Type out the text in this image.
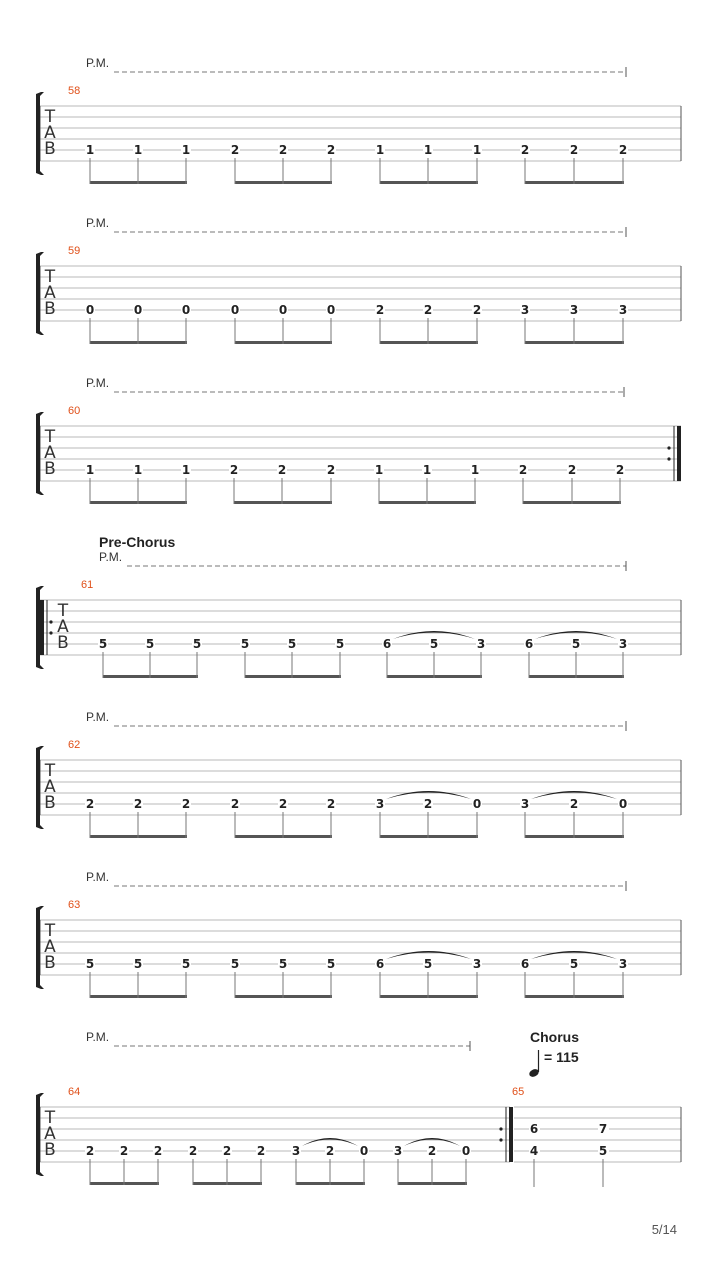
T
A
B
58
P.M.
1	1	1	2	2	2	1	1	1	2	2	2
T
A
B
59
P.M.
0	0	0	0	0	0	2	2	2	3	3	3
T
A
B
60
P.M.
1	1	1	2	2	2	1	1	1	2	2	2
T
A
B
61
Pre-Chorus
P.M.
5	5	5	5	5	5	6	5	3	6	5	3
T
A
B
62
P.M.
2	2	2	2	2	2	3	2	0	3	2	0
T
A
B
63
P.M.
5	5	5	5	5	5	6	5	3	6	5	3
T
A
B
64
P.M.
2 2 2 2 2 2 3 2 0 3 2 0
Chorus
= 115
65
6
4
7
5
5/14
